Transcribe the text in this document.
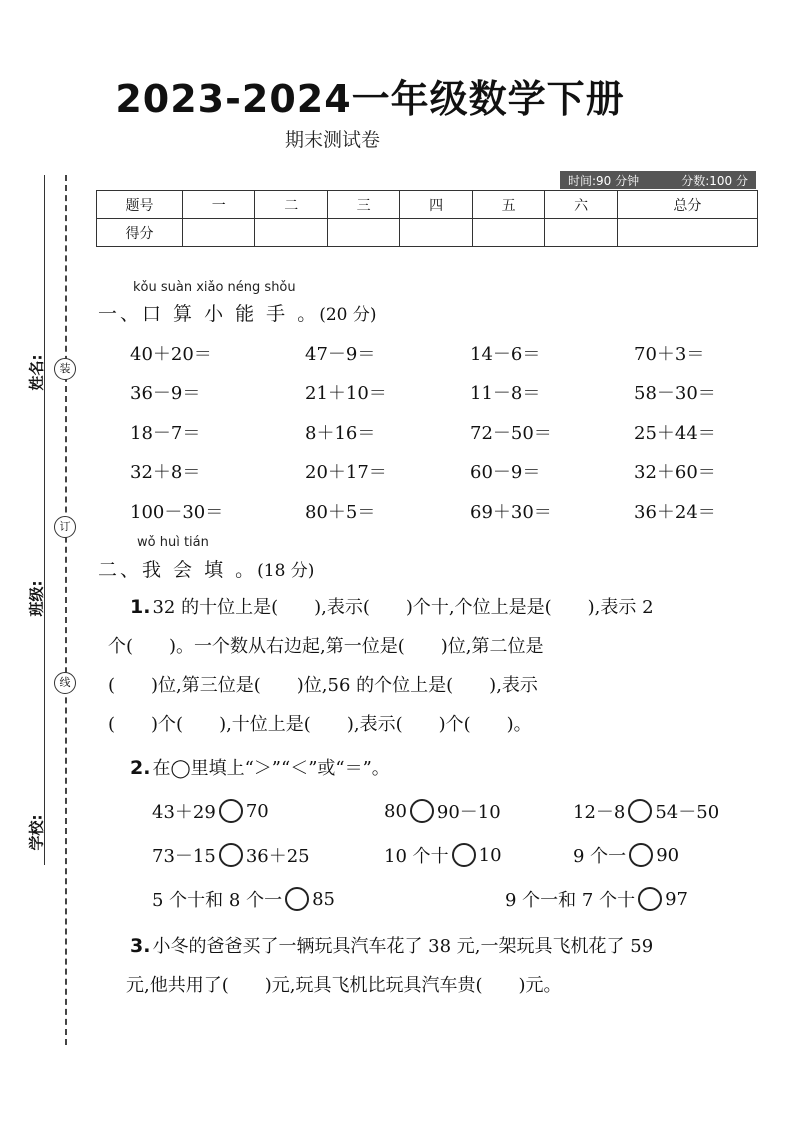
姓名:
班级:
学校:
装
订
线
2023-2024一年级数学下册
期末测试卷
时间:90 分钟	分数:100 分
题号	一	二	三	四	五	六	总分
得分							
kǒu suàn xiǎo néng shǒu
一、口 算 小 能 手 。(20 分)
40＋20＝	47－9＝	14－6＝	70＋3＝
36－9＝	21＋10＝	11－8＝	58－30＝
18－7＝	8＋16＝	72－50＝	25＋44＝
32＋8＝	20＋17＝	60－9＝	32＋60＝
100－30＝	80＋5＝	69＋30＝	36＋24＝
wǒ huì tián
二、我 会 填 。(18 分)
1. 32 的十位上是(　　),表示(　　)个十,个位上是是(　　),表示 2
个(　　)。一个数从右边起,第一位是(　　)位,第二位是
(　　)位,第三位是(　　)位,56 的个位上是(　　),表示
(　　)个(　　),十位上是(　　),表示(　　)个(　　)。
2. 在◯里填上“＞”“＜”或“＝”。
43＋29 70	80 90－10	12－8 54－50
73－15 36＋25	10 个十 10	9 个一 90
5 个十和 8 个一 85	9 个一和 7 个十 97
3. 小冬的爸爸买了一辆玩具汽车花了 38 元,一架玩具飞机花了 59
元,他共用了(　　)元,玩具飞机比玩具汽车贵(　　)元。
